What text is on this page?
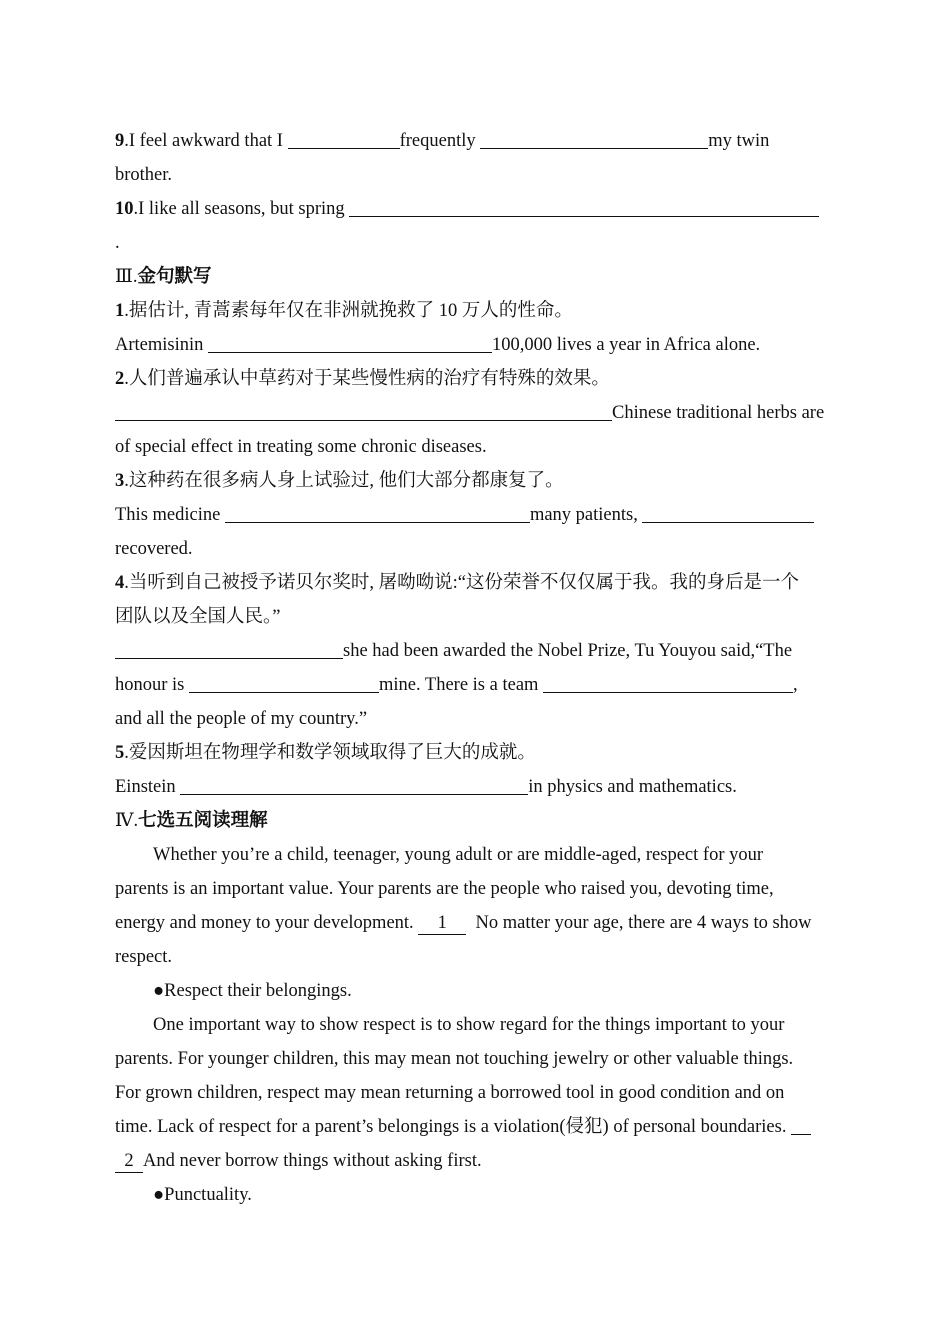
9.I feel awkward that I	frequently	my twin
brother.
10.I like all seasons, but spring
.
Ⅲ.金句默写
1.据估计, 青蒿素每年仅在非洲就挽救了 10 万人的性命。
Artemisinin	100,000 lives a year in Africa alone.
2.人们普遍承认中草药对于某些慢性病的治疗有特殊的效果。
Chinese traditional herbs are
of special effect in treating some chronic diseases.
3.这种药在很多病人身上试验过, 他们大部分都康复了。
This medicine	many patients,
recovered.
4.当听到自己被授予诺贝尔奖时, 屠呦呦说:“这份荣誉不仅仅属于我。我的身后是一个
团队以及全国人民。”
she had been awarded the Nobel Prize, Tu Youyou said,“The
honour is	mine. There is a team	,
and all the people of my country.”
5.爱因斯坦在物理学和数学领域取得了巨大的成就。
Einstein	in physics and mathematics.
Ⅳ.七选五阅读理解
Whether you’re a child, teenager, young adult or are middle-aged, respect for your
parents is an important value. Your parents are the people who raised you, devoting time,
energy and money to your development. 1  No matter your age, there are 4 ways to show
respect.
●Respect their belongings.
One important way to show respect is to show regard for the things important to your
parents. For younger children, this may mean not touching jewelry or other valuable things.
For grown children, respect may mean returning a borrowed tool in good condition and on
time. Lack of respect for a parent’s belongings is a violation(侵犯) of personal boundaries.
2 And never borrow things without asking first.
●Punctuality.
